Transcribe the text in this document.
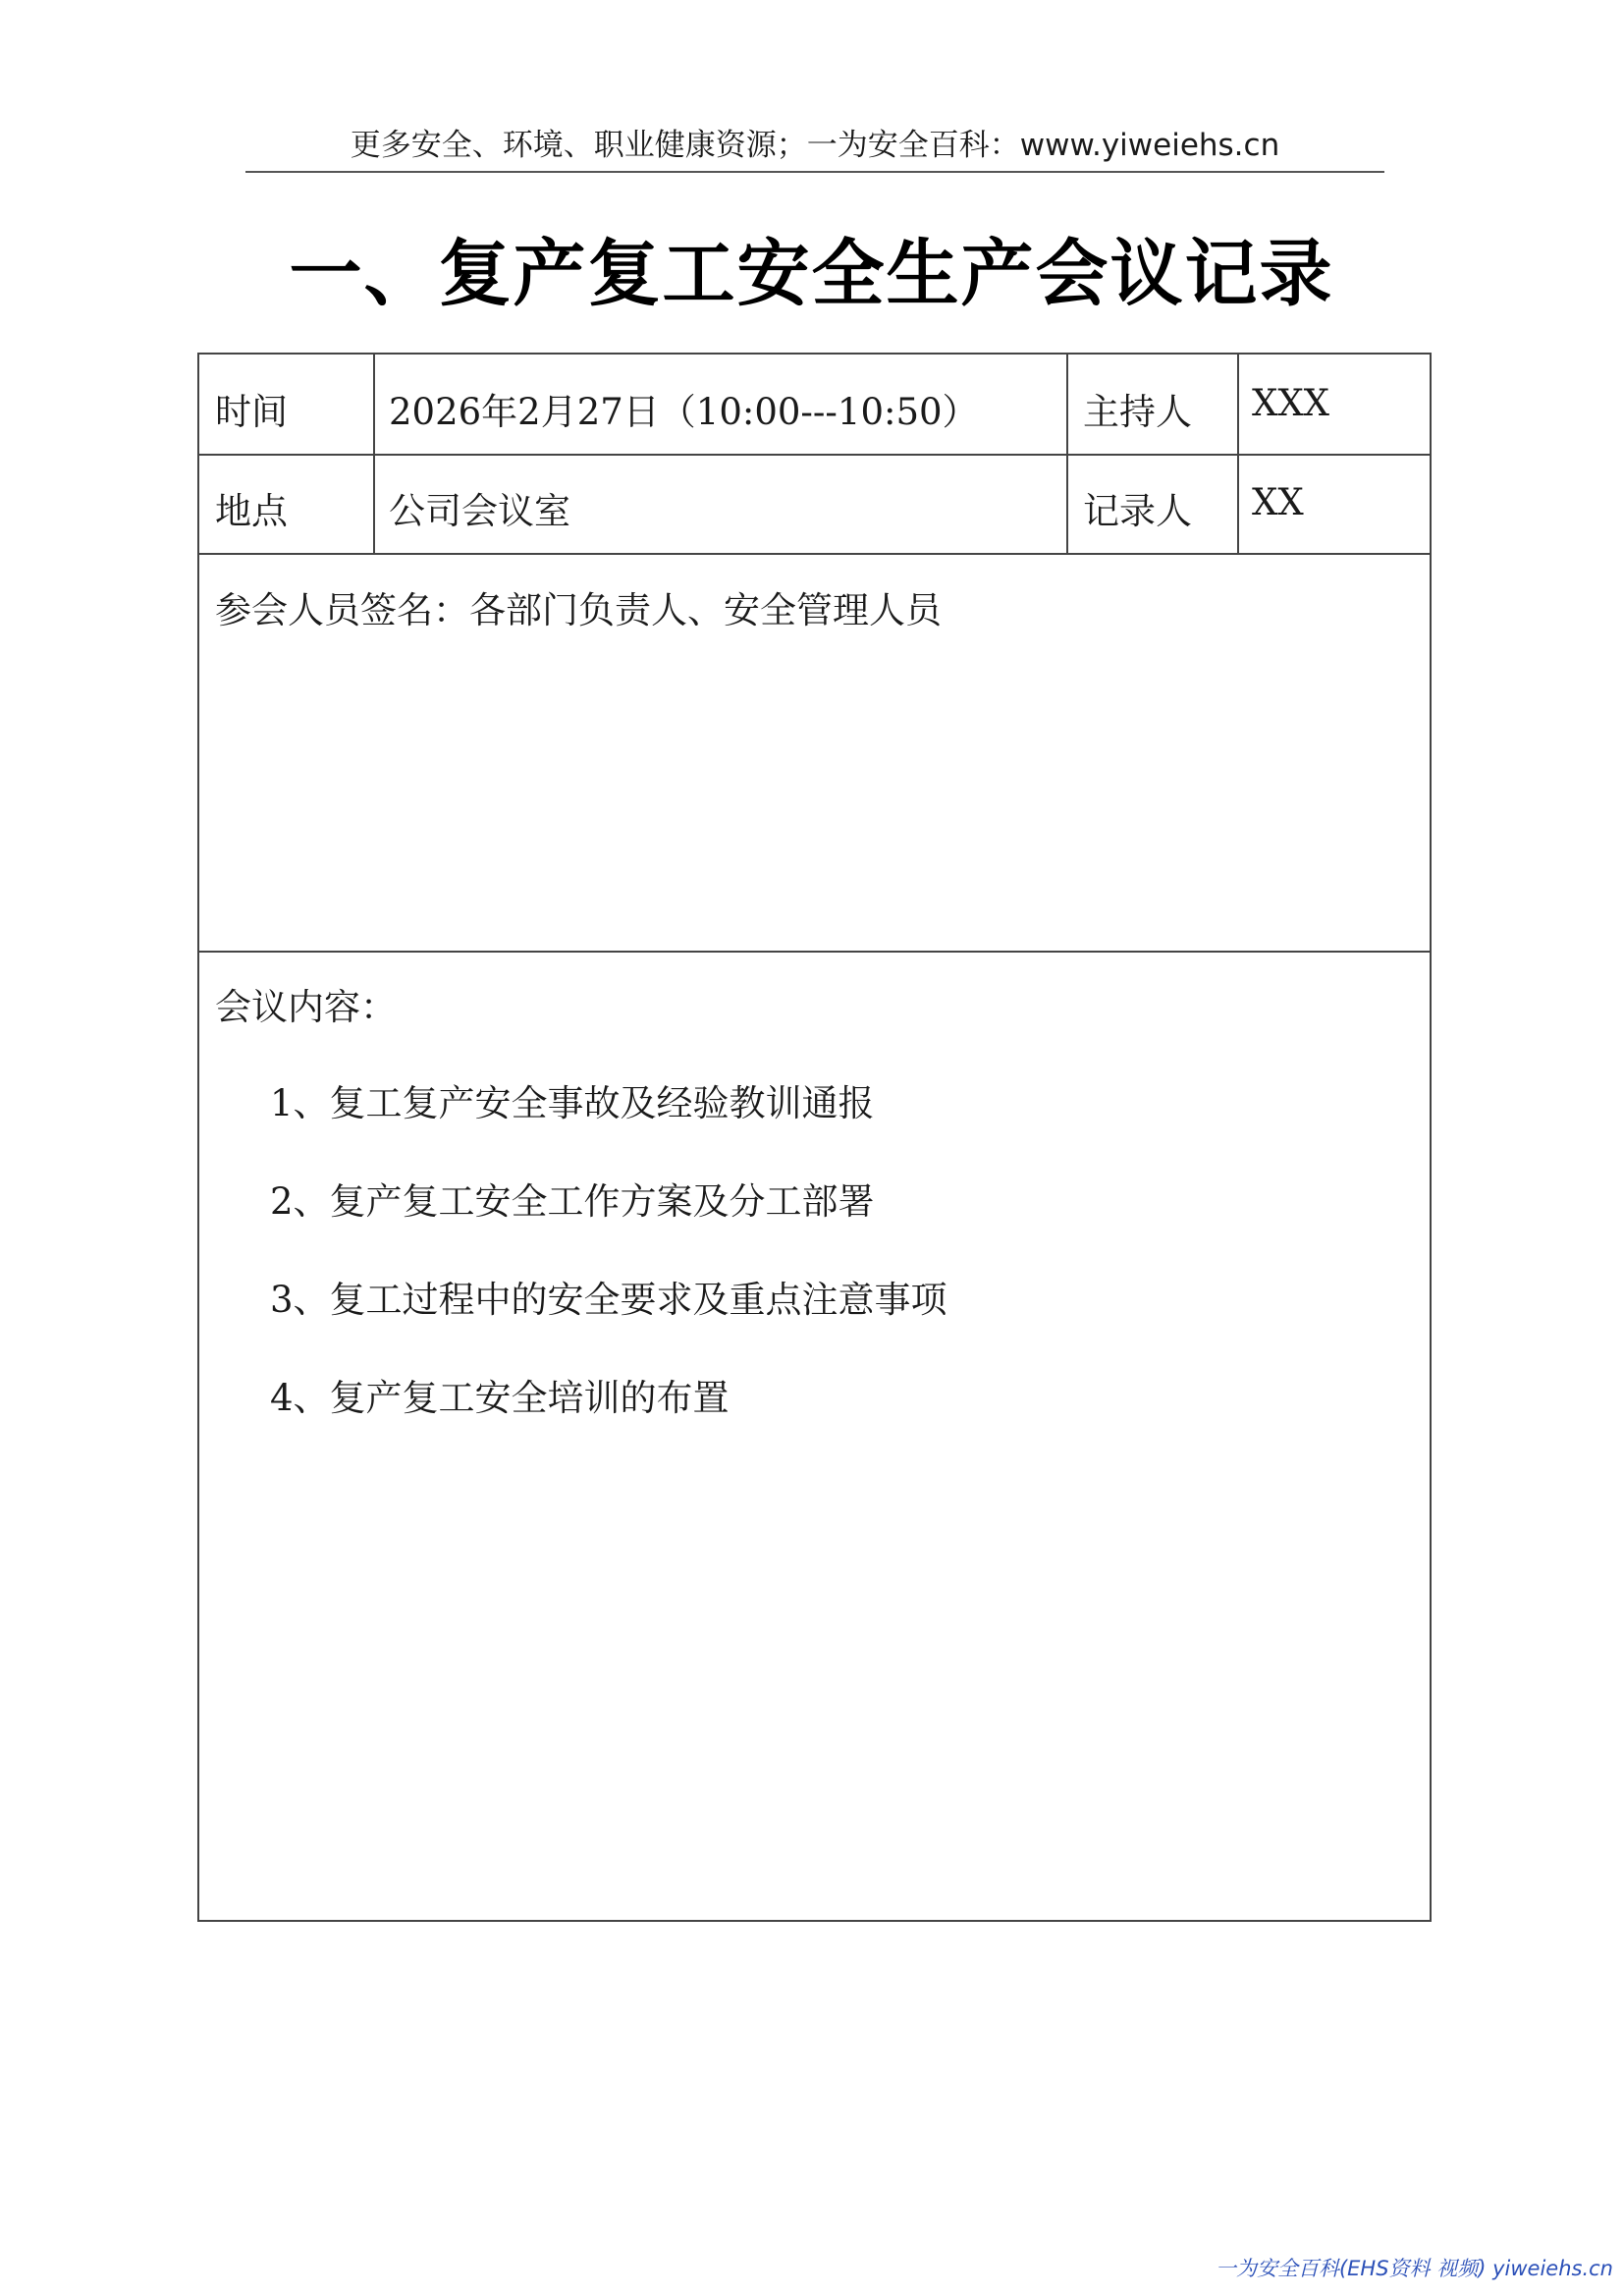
更多安全、环境、职业健康资源；一为安全百科：www.yiweiehs.cn
一、复产复工安全生产会议记录
时间	2026年2月27日（10:00---10:50）	主持人 XXX
地点	公司会议室	记录人 XX
参会人员签名：各部门负责人、安全管理人员
会议内容：
1、复工复产安全事故及经验教训通报
2、复产复工安全工作方案及分工部署
3、复工过程中的安全要求及重点注意事项
4、复产复工安全培训的布置
一为安全百科(EHS资料 视频) yiweiehs.cn
